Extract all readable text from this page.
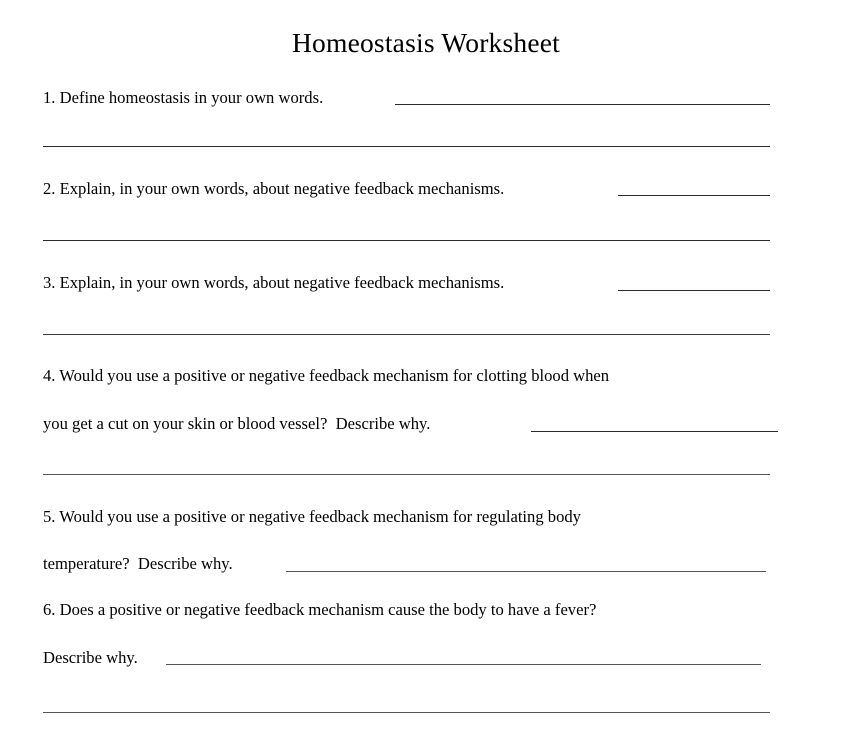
Homeostasis Worksheet
1. Define homeostasis in your own words.
2. Explain, in your own words, about negative feedback mechanisms.
3. Explain, in your own words, about negative feedback mechanisms.
4. Would you use a positive or negative feedback mechanism for clotting blood when
you get a cut on your skin or blood vessel?  Describe why.
5. Would you use a positive or negative feedback mechanism for regulating body
temperature?  Describe why.
6. Does a positive or negative feedback mechanism cause the body to have a fever?
Describe why.
